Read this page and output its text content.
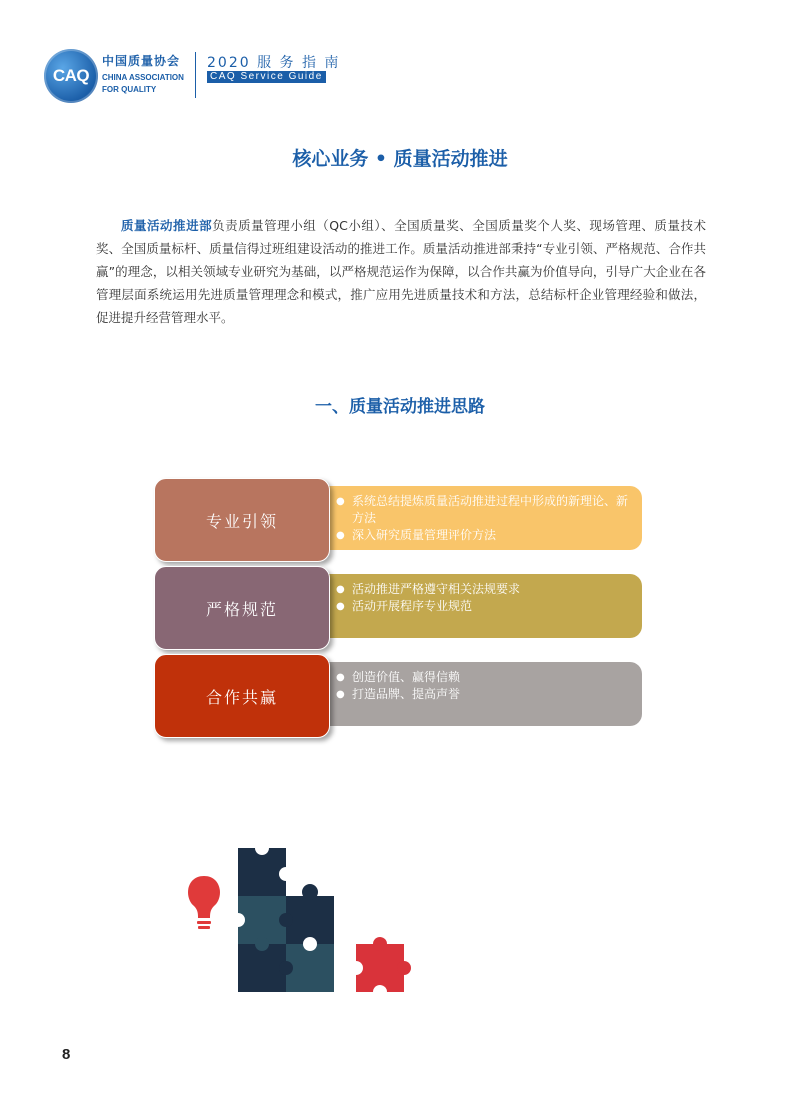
CAQ
中国质量协会
CHINA ASSOCIATION
FOR QUALITY
2020 服 务 指 南
CAQ Service Guide
核心业务 • 质量活动推进

质量活动推进部负责质量管理小组（QC小组）、全国质量奖、全国质量奖个人奖、现场管理、质量技术奖、全国质量标杆、质量信得过班组建设活动的推进工作。质量活动推进部秉持“专业引领、严格规范、合作共赢”的理念，以相关领域专业研究为基础，以严格规范运作为保障，以合作共赢为价值导向，引导广大企业在各管理层面系统运用先进质量管理理念和模式，推广应用先进质量技术和方法，总结标杆企业管理经验和做法，促进提升经营管理水平。

一、质量活动推进思路
● 系统总结提炼质量活动推进过程中形成的新理论、新方法
● 深入研究质量管理评价方法
专业引领
● 活动推进严格遵守相关法规要求
● 活动开展程序专业规范
严格规范
● 创造价值、赢得信赖
● 打造品牌、提高声誉
合作共赢
8
